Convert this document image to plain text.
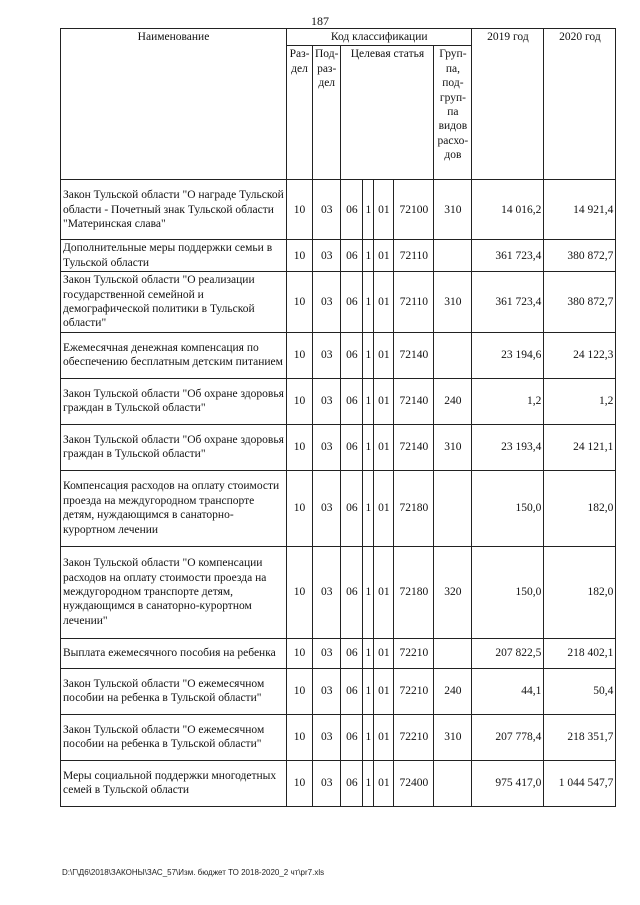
187
Наименование	Код классификации							2019 год	2020 год
	Раз-дел	Под-раз-дел	Целевая статья				Груп-па, под-груп-па видов расхо-дов		
Закон Тульской области "О награде Тульской области - Почетный знак Тульской области "Материнская слава"	10	03	06	1	01	72100	310	14 016,2	14 921,4
Дополнительные меры поддержки семьи в Тульской области	10	03	06	1	01	72110		361 723,4	380 872,7
Закон Тульской области "О реализации государственной семейной и демографической политики в Тульской области"	10	03	06	1	01	72110	310	361 723,4	380 872,7
Ежемесячная денежная компенсация по обеспечению бесплатным детским питанием	10	03	06	1	01	72140		23 194,6	24 122,3
Закон Тульской области "Об охране здоровья граждан в Тульской области"	10	03	06	1	01	72140	240	1,2	1,2
Закон Тульской области "Об охране здоровья граждан в Тульской области"	10	03	06	1	01	72140	310	23 193,4	24 121,1
Компенсация расходов на оплату стоимости проезда на междугородном транспорте детям, нуждающимся в санаторно-курортном лечении	10	03	06	1	01	72180		150,0	182,0
Закон Тульской области "О компенсации расходов на оплату стоимости проезда на междугородном транспорте детям, нуждающимся в санаторно-курортном лечении"	10	03	06	1	01	72180	320	150,0	182,0
Выплата ежемесячного пособия на ребенка	10	03	06	1	01	72210		207 822,5	218 402,1
Закон Тульской области "О ежемесячном пособии на ребенка в Тульской области"	10	03	06	1	01	72210	240	44,1	50,4
Закон Тульской области "О ежемесячном пособии на ребенка в Тульской области"	10	03	06	1	01	72210	310	207 778,4	218 351,7
Меры социальной поддержки многодетных семей в Тульской области	10	03	06	1	01	72400		975 417,0	1 044 547,7
D:\Г\Д6\2018\ЗАКОНЫ\ЗАС_57\Изм. бюджет ТО 2018-2020_2 чт\pr7.xls
